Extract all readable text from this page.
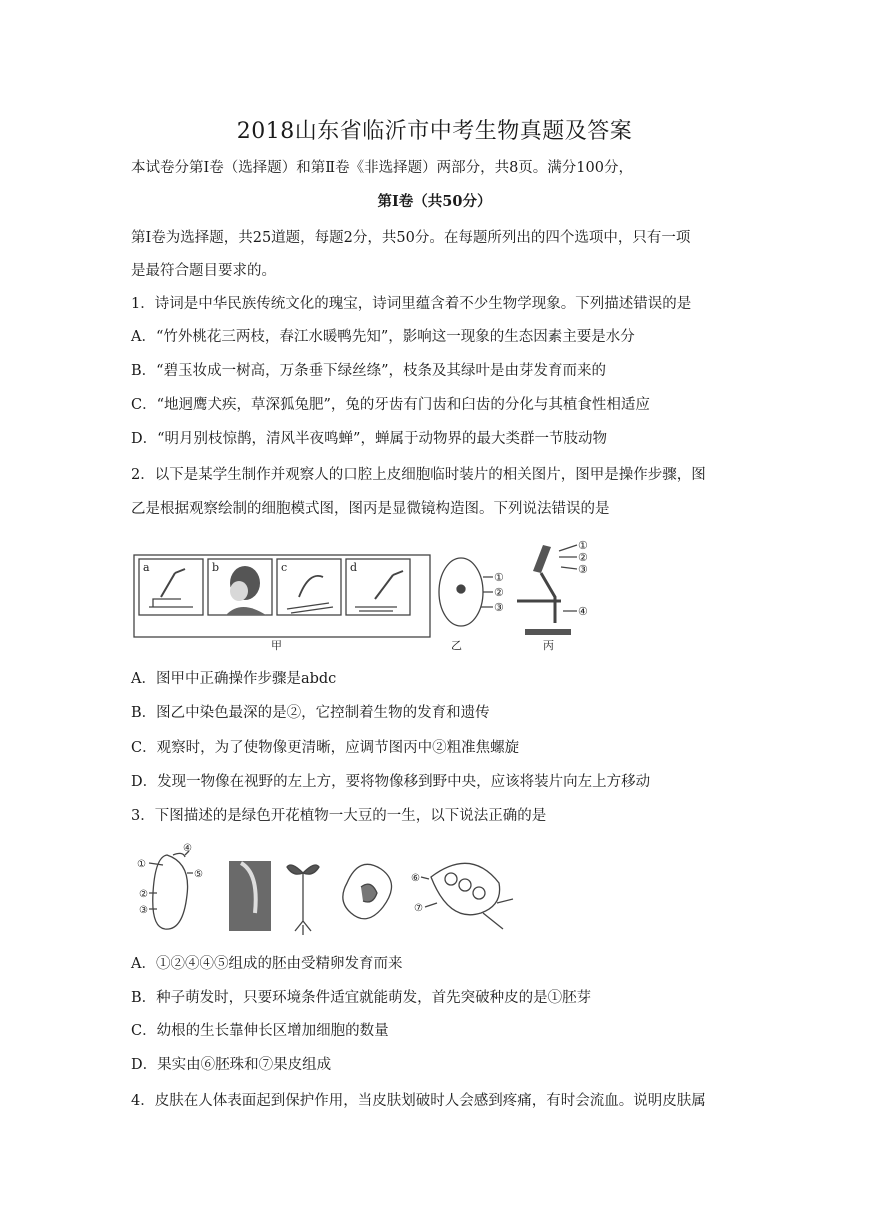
2018山东省临沂市中考生物真题及答案
本试卷分第Ⅰ卷（选择题）和第Ⅱ卷《非选择题）两部分，共8页。满分100分，
第Ⅰ卷（共50分）
第Ⅰ卷为选择题，共25道题，每题2分，共50分。在每题所列出的四个选项中，只有一项
是最符合题目要求的。
1．诗词是中华民族传统文化的瑰宝，诗词里蕴含着不少生物学现象。下列描述错误的是
A．“竹外桃花三两枝，春江水暖鸭先知”，影响这一现象的生态因素主要是水分
B．“碧玉妆成一树高，万条垂下绿丝绦”，枝条及其绿叶是由芽发育而来的
C．“地迥鹰犬疾，草深狐兔肥”，兔的牙齿有门齿和臼齿的分化与其植食性相适应
D．“明月别枝惊鹊，清风半夜鸣蝉”，蝉属于动物界的最大类群一节肢动物
2．以下是某学生制作并观察人的口腔上皮细胞临时装片的相关图片，图甲是操作步骤，图
乙是根据观察绘制的细胞模式图，图丙是显微镜构造图。下列说法错误的是
a	b	c	d
甲	乙	丙
①
②
③
①
②
③
④
A．图甲中正确操作步骤是abdc
B．图乙中染色最深的是②，它控制着生物的发育和遗传
C．观察时，为了使物像更清晰，应调节图丙中②粗准焦螺旋
D．发现一物像在视野的左上方，要将物像移到野中央，应该将装片向左上方移动
3．下图描述的是绿色开花植物一大豆的一生，以下说法正确的是
①
②
③
④
⑤	⑥
⑦
A．①②④④⑤组成的胚由受精卵发育而来
B．种子萌发时，只要环境条件适宜就能萌发，首先突破种皮的是①胚芽
C．幼根的生长靠伸长区增加细胞的数量
D．果实由⑥胚珠和⑦果皮组成
4．皮肤在人体表面起到保护作用，当皮肤划破时人会感到疼痛，有时会流血。说明皮肤属
